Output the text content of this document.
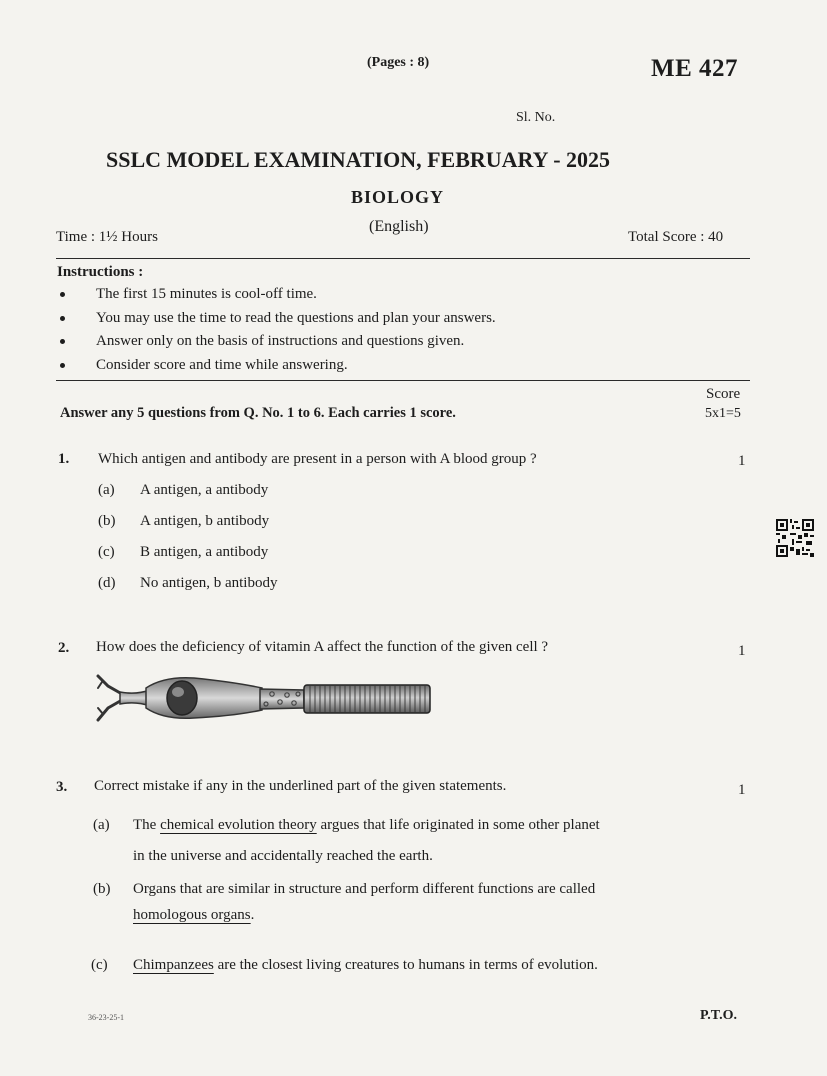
(Pages : 8)	ME 427
Sl. No.
SSLC MODEL EXAMINATION, FEBRUARY - 2025
BIOLOGY
(English)
Time : 1½ Hours	Total Score : 40
Instructions :
The first 15 minutes is cool-off time.
You may use the time to read the questions and plan your answers.
Answer only on the basis of instructions and questions given.
Consider score and time while answering.
Score
Answer any 5 questions from Q. No. 1 to 6. Each carries 1 score.	5x1=5
1. Which antigen and antibody are present in a person with A blood group ?	1
(a) A antigen, a antibody
(b) A antigen, b antibody
(c) B antigen, a antibody
(d) No antigen, b antibody
2. How does the deficiency of vitamin A affect the function of the given cell ?	1
3. Correct mistake if any in the underlined part of the given statements.	1
(a) The chemical evolution theory argues that life originated in some other planet
in the universe and accidentally reached the earth.
(b) Organs that are similar in structure and perform different functions are called
homologous organs.
(c) Chimpanzees are the closest living creatures to humans in terms of evolution.
36-23-25-1	P.T.O.
